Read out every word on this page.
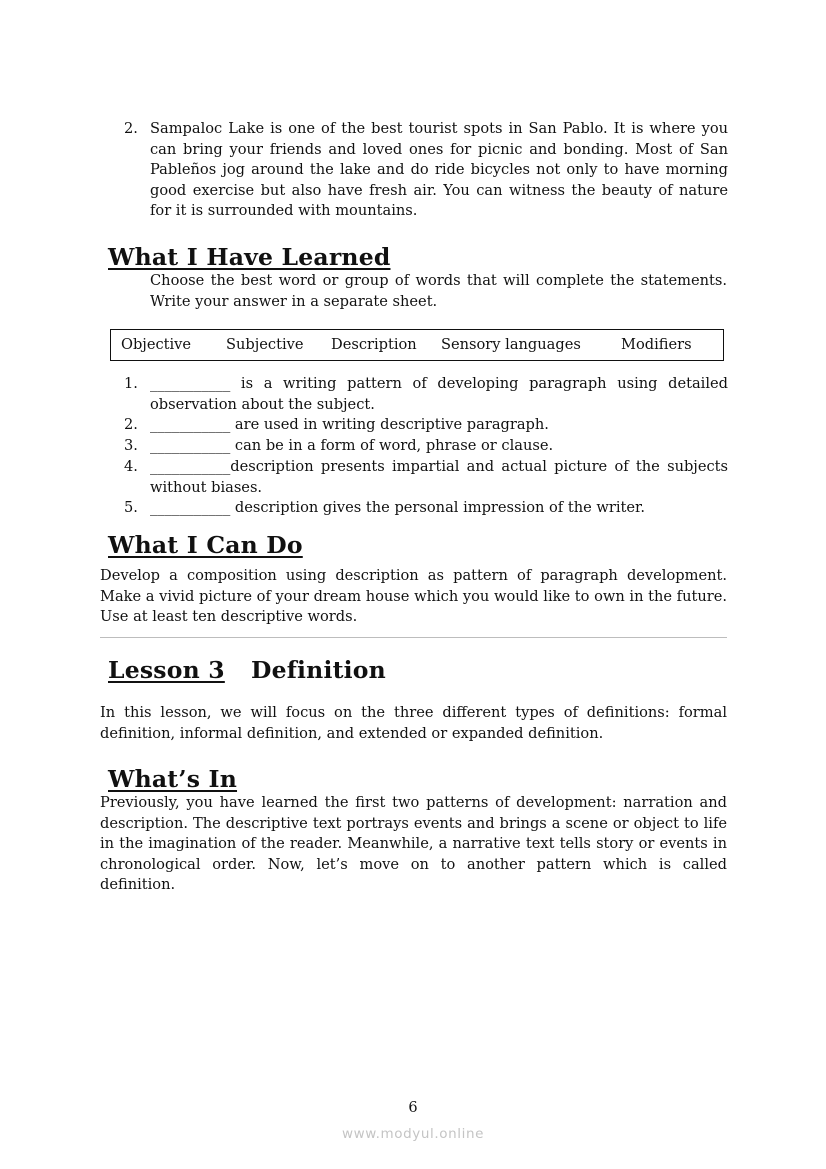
2. Sampaloc Lake is one of the best tourist spots in San Pablo. It is where you can bring your friends and loved ones for picnic and bonding. Most of San Pableños jog around the lake and do ride bicycles not only to have morning good exercise but also have fresh air. You can witness the beauty of nature for it is surrounded with mountains.
What I Have Learned
Choose the best word or group of words that will complete the statements. Write your answer in a separate sheet.
Objective Subjective Description Sensory languages	Modifiers
1. ___________ is a writing pattern of developing paragraph using detailed observation about the subject.
2. ___________ are used in writing descriptive paragraph.
3. ___________ can be in a form of word, phrase or clause.
4. ___________description presents impartial and actual picture of the subjects without biases.
5. ___________ description gives the personal impression of the writer.
What I Can Do
Develop a composition using description as pattern of paragraph development. Make a vivid picture of your dream house which you would like to own in the future. Use at least ten descriptive words.
Lesson 3 Definition
In this lesson, we will focus on the three different types of definitions: formal definition, informal definition, and extended or expanded definition.
What’s In
Previously, you have learned the first two patterns of development: narration and description. The descriptive text portrays events and brings a scene or object to life in the imagination of the reader. Meanwhile, a narrative text tells story or events in chronological order. Now, let’s move on to another pattern which is called definition.
6
www.modyul.online
